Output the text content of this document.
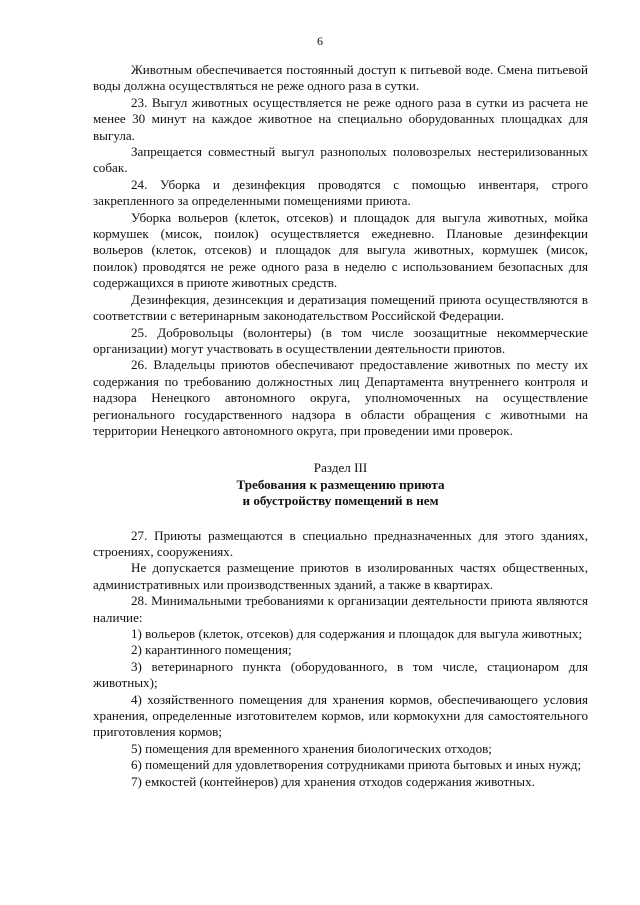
6

Животным обеспечивается постоянный доступ к питьевой воде. Смена питьевой воды должна осуществляться не реже одного раза в сутки.

23. Выгул животных осуществляется не реже одного раза в сутки из расчета не менее 30 минут на каждое животное на специально оборудованных площадках для выгула.

Запрещается совместный выгул разнополых половозрелых нестерилизованных собак.

24. Уборка и дезинфекция проводятся с помощью инвентаря, строго закрепленного за определенными помещениями приюта.

Уборка вольеров (клеток, отсеков) и площадок для выгула животных, мойка кормушек (мисок, поилок) осуществляется ежедневно. Плановые дезинфекции вольеров (клеток, отсеков) и площадок для выгула животных, кормушек (мисок, поилок) проводятся не реже одного раза в неделю с использованием безопасных для содержащихся в приюте животных средств.

Дезинфекция, дезинсекция и дератизация помещений приюта осуществляются в соответствии с ветеринарным законодательством Российской Федерации.

25. Добровольцы (волонтеры) (в том числе зоозащитные некоммерческие организации) могут участвовать в осуществлении деятельности приютов.

26. Владельцы приютов обеспечивают предоставление животных по месту их содержания по требованию должностных лиц Департамента внутреннего контроля и надзора Ненецкого автономного округа, уполномоченных на осуществление регионального государственного надзора в области обращения с животными на территории Ненецкого автономного округа, при проведении ими проверок.

Раздел III

Требования к размещению приюта

и обустройству помещений в нем

27. Приюты размещаются в специально предназначенных для этого зданиях, строениях, сооружениях.

Не допускается размещение приютов в изолированных частях общественных, административных или производственных зданий, а также в квартирах.

28. Минимальными требованиями к организации деятельности приюта являются наличие:

1) вольеров (клеток, отсеков) для содержания и площадок для выгула животных;

2) карантинного помещения;

3) ветеринарного пункта (оборудованного, в том числе, стационаром для животных);

4) хозяйственного помещения для хранения кормов, обеспечивающего условия хранения, определенные изготовителем кормов, или кормокухни для самостоятельного приготовления кормов;

5) помещения для временного хранения биологических отходов;

6) помещений для удовлетворения сотрудниками приюта бытовых и иных нужд;

7) емкостей (контейнеров) для хранения отходов содержания животных.
